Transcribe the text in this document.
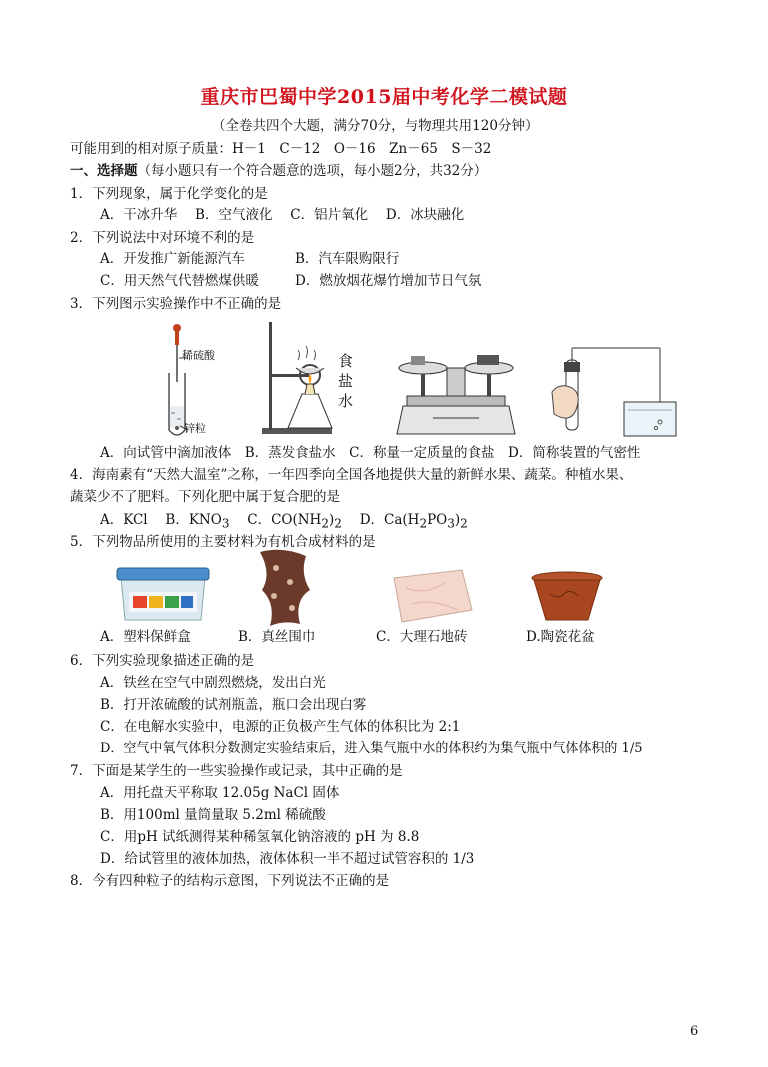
重庆市巴蜀中学2015届中考化学二模试题
（全卷共四个大题，满分70分，与物理共用120分钟）
可能用到的相对原子质量：H－1　C－12　O－16　Zn－65　S－32
一、选择题（每小题只有一个符合题意的选项，每小题2分，共32分）
1．下列现象，属于化学变化的是
A．干冰升华　 B．空气液化　 C．铝片氧化　 D．冰块融化
2．下列说法中对环境不利的是
A．开发推广新能源汽车	B．汽车限购限行
C．用天然气代替燃煤供暖	D．燃放烟花爆竹增加节日气氛
3．下列图示实验操作中不正确的是
稀硫酸
锌粒
食
盐
水
A．向试管中滴加液体　B．蒸发食盐水　C．称量一定质量的食盐　D．简称装置的气密性
4．海南素有“天然大温室”之称，一年四季向全国各地提供大量的新鲜水果、蔬菜。种植水果、
蔬菜少不了肥料。下列化肥中属于复合肥的是
A．KCl　 B．KNO3　 C．CO(NH2)2　 D．Ca(H2PO3)2
5．下列物品所使用的主要材料为有机合成材料的是
A．塑料保鲜盒	B．真丝围巾	C．大理石地砖	D.陶瓷花盆
6．下列实验现象描述正确的是
A．铁丝在空气中剧烈燃烧，发出白光
B．打开浓硫酸的试剂瓶盖，瓶口会出现白雾
C．在电解水实验中，电源的正负极产生气体的体积比为 2:1
D．空气中氧气体积分数测定实验结束后，进入集气瓶中水的体积约为集气瓶中气体体积的 1/5
7．下面是某学生的一些实验操作或记录，其中正确的是
A．用托盘天平称取 12.05g NaCl 固体
B．用100ml 量筒量取 5.2ml 稀硫酸
C．用pH 试纸测得某种稀氢氧化钠溶液的 pH 为 8.8
D．给试管里的液体加热，液体体积一半不超过试管容积的 1/3
8．今有四种粒子的结构示意图，下列说法不正确的是
6
